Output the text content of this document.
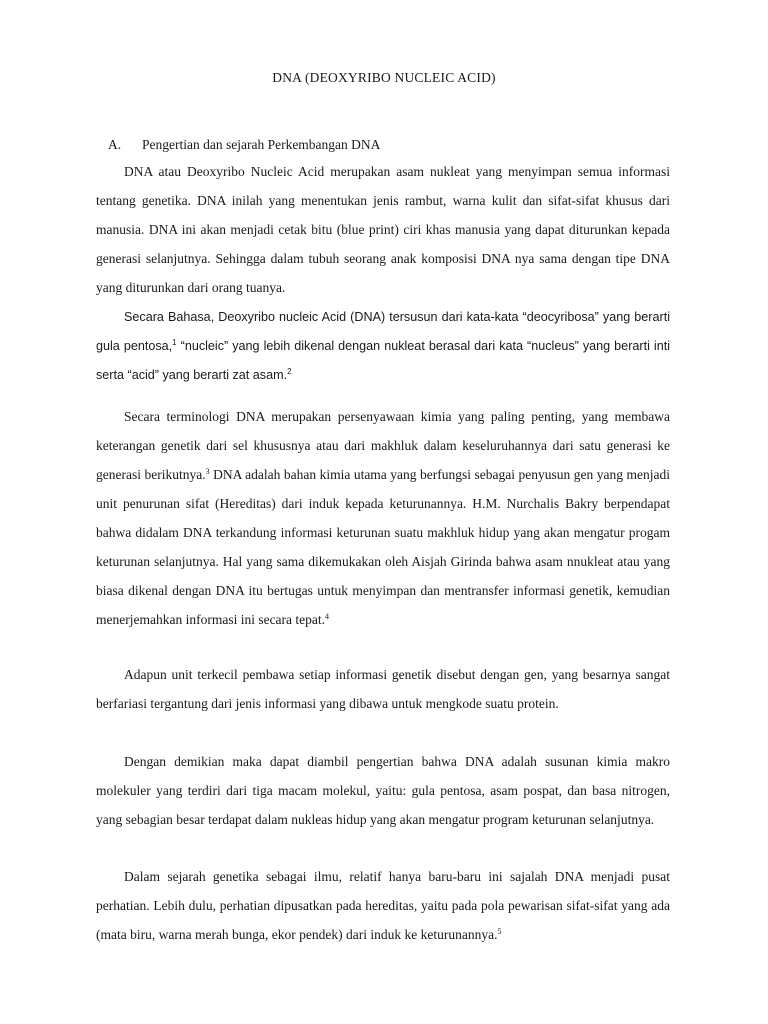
DNA (DEOXYRIBO NUCLEIC ACID)
A. Pengertian dan sejarah Perkembangan DNA

DNA atau Deoxyribo Nucleic Acid merupakan asam nukleat yang menyimpan semua informasi tentang genetika. DNA inilah yang menentukan jenis rambut, warna kulit dan sifat-sifat khusus dari manusia. DNA ini akan menjadi cetak bitu (blue print) ciri khas manusia yang dapat diturunkan kepada generasi selanjutnya. Sehingga dalam tubuh seorang anak komposisi DNA nya sama dengan tipe DNA yang diturunkan dari orang tuanya.

Secara Bahasa, Deoxyribo nucleic Acid (DNA) tersusun dari kata-kata “deocyribosa” yang berarti gula pentosa,$^1$ “nucleic” yang lebih dikenal dengan nukleat berasal dari kata “nucleus” yang berarti inti serta “acid” yang berarti zat asam.$^2$

Secara terminologi DNA merupakan persenyawaan kimia yang paling penting, yang membawa keterangan genetik dari sel khususnya atau dari makhluk dalam keseluruhannya dari satu generasi ke generasi berikutnya.$^3$ DNA adalah bahan kimia utama yang berfungsi sebagai penyusun gen yang menjadi unit penurunan sifat (Hereditas) dari induk kepada keturunannya. H.M. Nurchalis Bakry berpendapat bahwa didalam DNA terkandung informasi keturunan suatu makhluk hidup yang akan mengatur progam keturunan selanjutnya. Hal yang sama dikemukakan oleh Aisjah Girinda bahwa asam nnukleat atau yang biasa dikenal dengan DNA itu bertugas untuk menyimpan dan mentransfer informasi genetik, kemudian menerjemahkan informasi ini secara tepat.$^4$

Adapun unit terkecil pembawa setiap informasi genetik disebut dengan gen, yang besarnya sangat berfariasi tergantung dari jenis informasi yang dibawa untuk mengkode suatu protein.

Dengan demikian maka dapat diambil pengertian bahwa DNA adalah susunan kimia makro molekuler yang terdiri dari tiga macam molekul, yaitu: gula pentosa, asam pospat, dan basa nitrogen, yang sebagian besar terdapat dalam nukleas hidup yang akan mengatur program keturunan selanjutnya.

Dalam sejarah genetika sebagai ilmu, relatif hanya baru-baru ini sajalah DNA menjadi pusat perhatian. Lebih dulu, perhatian dipusatkan pada hereditas, yaitu pada pola pewarisan sifat-sifat yang ada (mata biru, warna merah bunga, ekor pendek) dari induk ke keturunannya.$^5$
